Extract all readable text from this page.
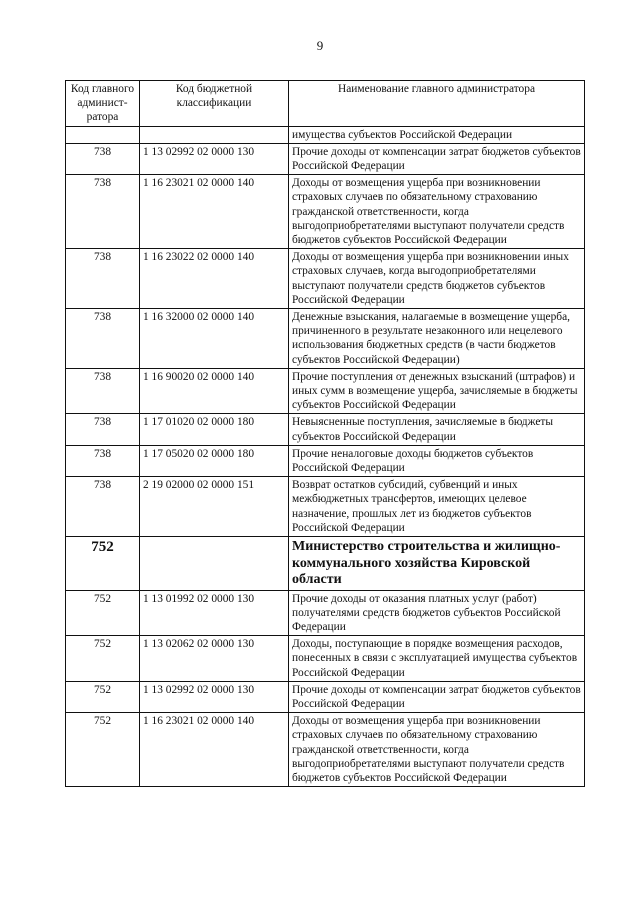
9
Код главного админист-ратора	Код бюджетной классификации	Наименование главного администратора
		имущества субъектов Российской Федерации
738	1 13 02992 02 0000 130	Прочие доходы от компенсации затрат бюджетов субъектов Российской Федерации
738	1 16 23021 02 0000 140	Доходы от возмещения ущерба при возникновении страховых случаев по обязательному страхованию гражданской ответственности, когда выгодоприобретателями выступают получатели средств бюджетов субъектов Российской Федерации
738	1 16 23022 02 0000 140	Доходы от возмещения ущерба при возникновении иных страховых случаев, когда выгодоприобретателями выступают получатели средств бюджетов субъектов Российской Федерации
738	1 16 32000 02 0000 140	Денежные взыскания, налагаемые в возмещение ущерба, причиненного в результате незаконного или нецелевого использования бюджетных средств (в части бюджетов субъектов Российской Федерации)
738	1 16 90020 02 0000 140	Прочие поступления от денежных взысканий (штрафов) и иных сумм в возмещение ущерба, зачисляемые в бюджеты субъектов Российской Федерации
738	1 17 01020 02 0000 180	Невыясненные поступления, зачисляемые в бюджеты субъектов Российской Федерации
738	1 17 05020 02 0000 180	Прочие неналоговые доходы бюджетов субъектов Российской Федерации
738	2 19 02000 02 0000 151	Возврат остатков субсидий, субвенций и иных межбюджетных трансфертов, имеющих целевое назначение, прошлых лет из бюджетов субъектов Российской Федерации
752		Министерство строительства и жилищно-коммунального хозяйства Кировской области
752	1 13 01992 02 0000 130	Прочие доходы от оказания платных услуг (работ) получателями средств бюджетов субъектов Российской Федерации
752	1 13 02062 02 0000 130	Доходы, поступающие в порядке возмещения расходов, понесенных в связи с эксплуатацией имущества субъектов Российской Федерации
752	1 13 02992 02 0000 130	Прочие доходы от компенсации затрат бюджетов субъектов Российской Федерации
752	1 16 23021 02 0000 140	Доходы от возмещения ущерба при возникновении страховых случаев по обязательному страхованию гражданской ответственности, когда выгодоприобретателями выступают получатели средств бюджетов субъектов Российской Федерации
